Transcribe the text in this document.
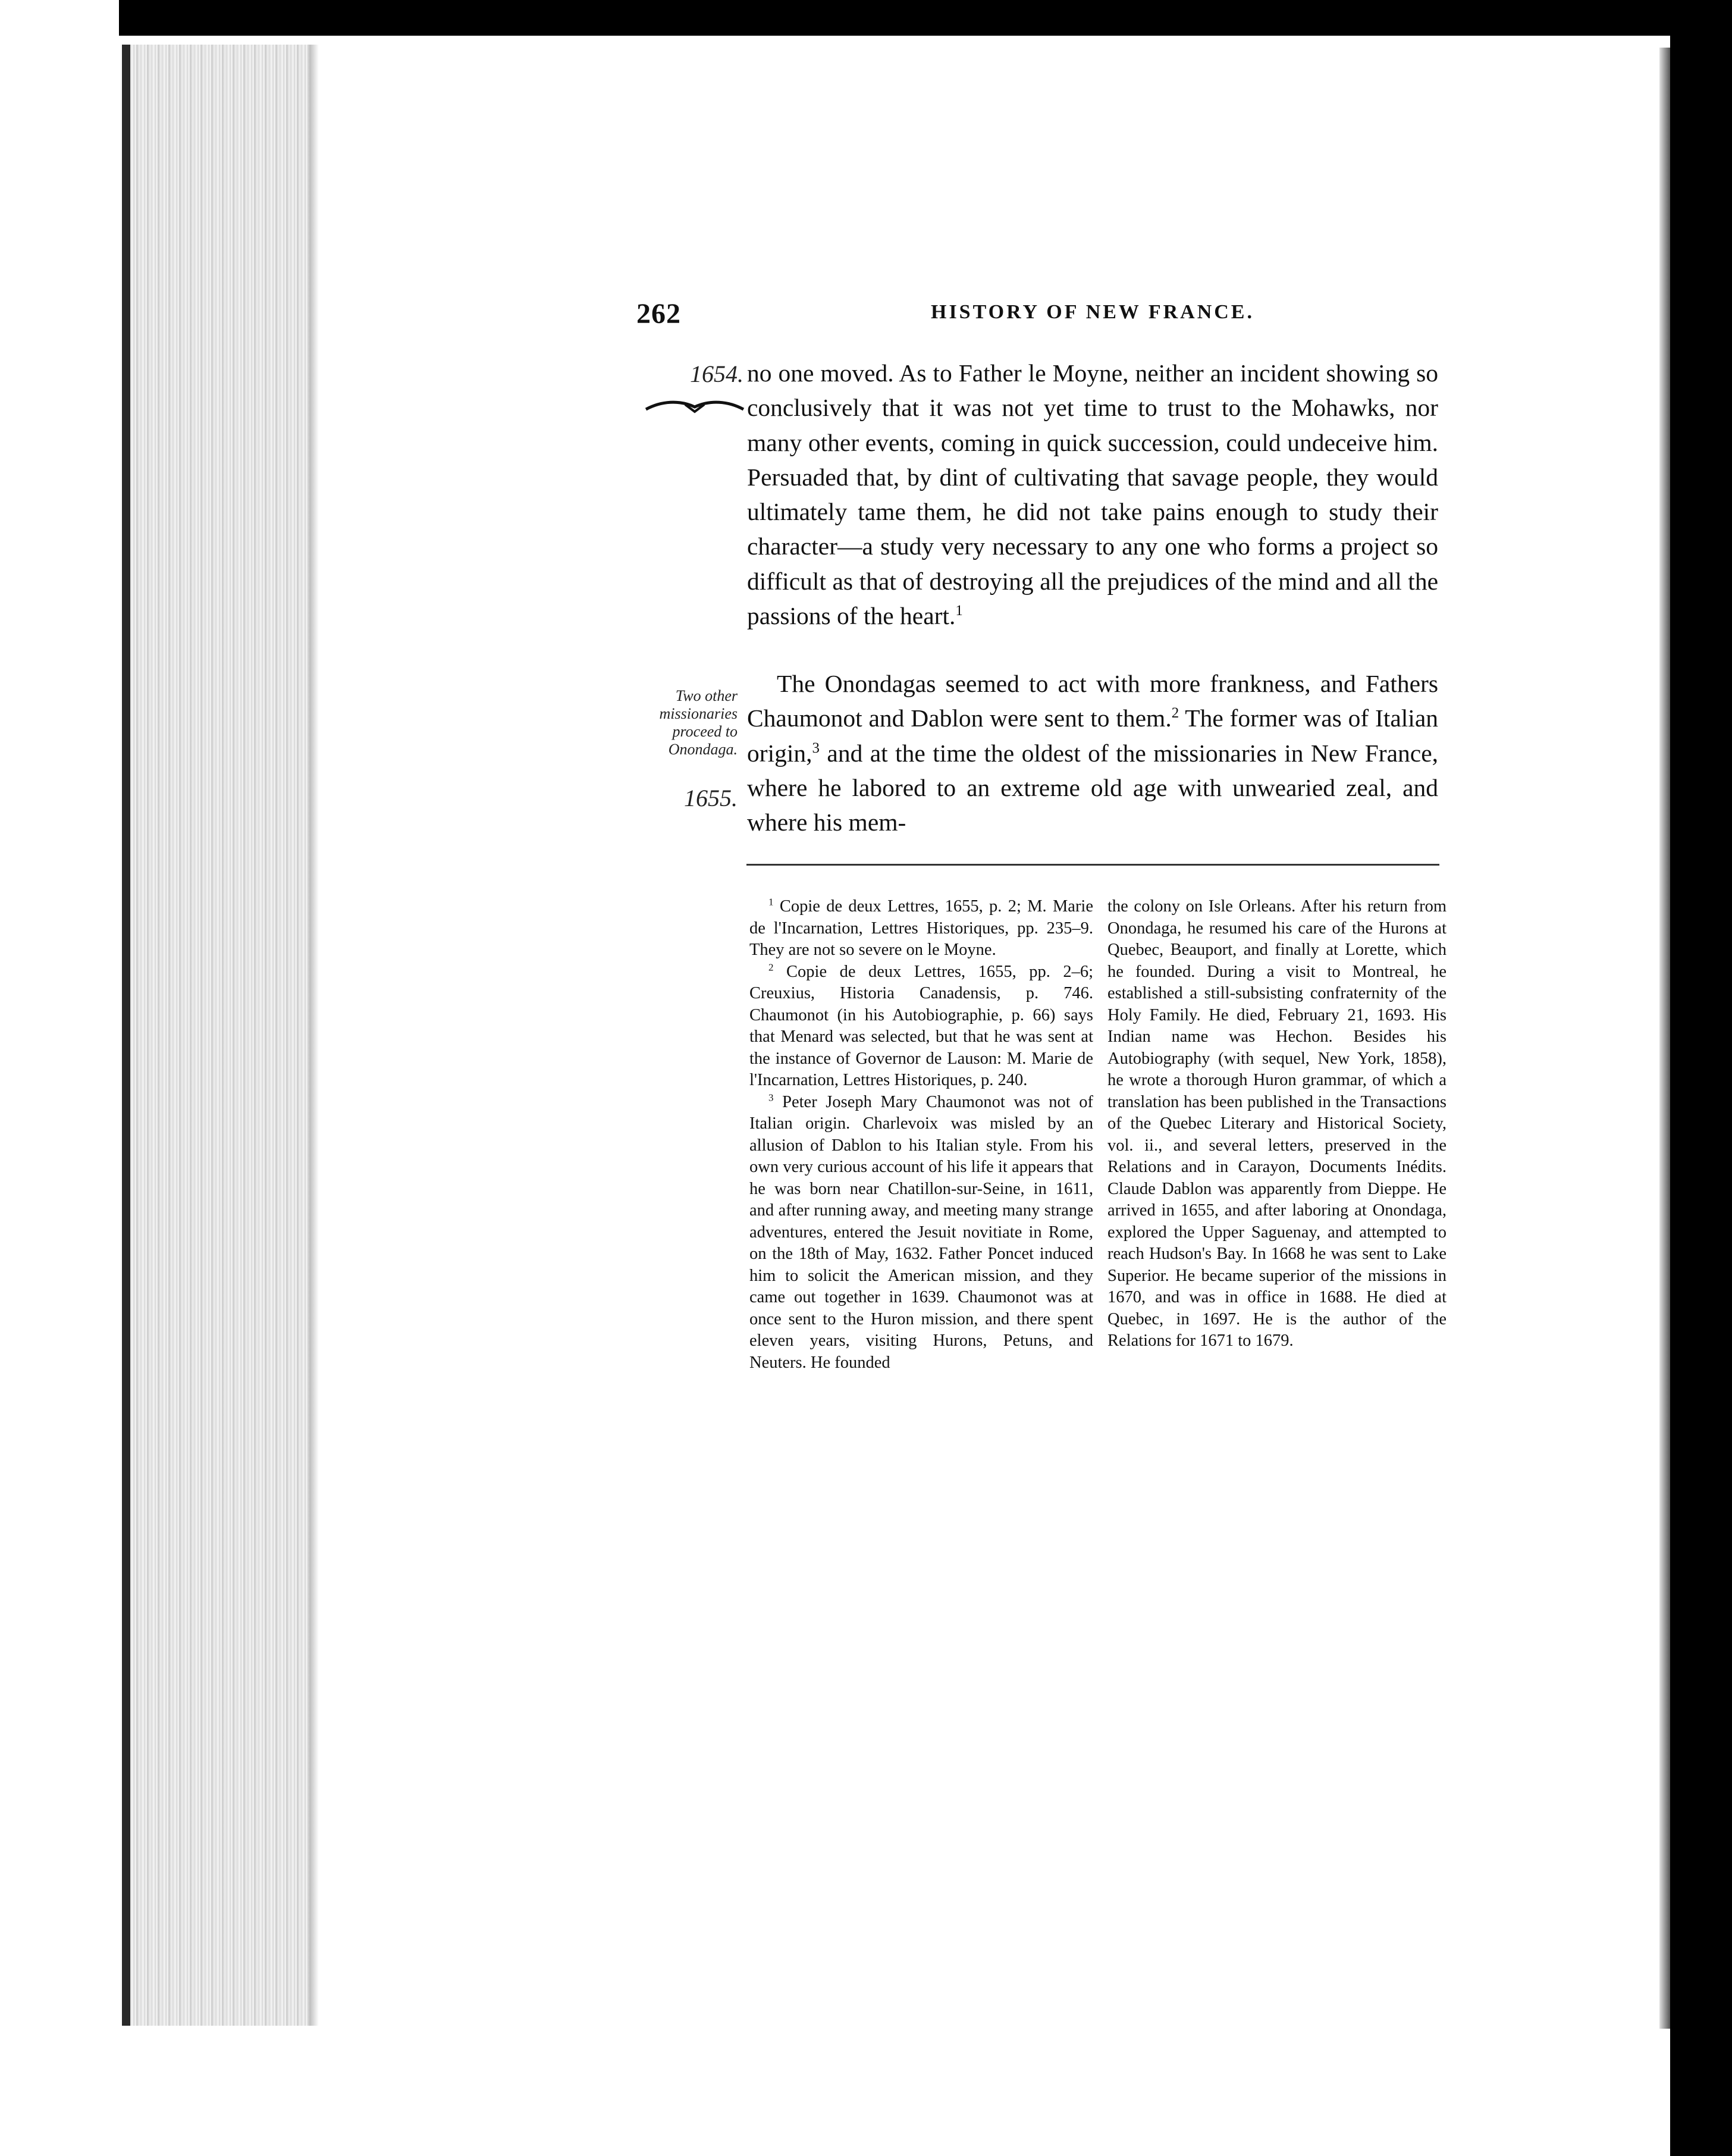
262	HISTORY OF NEW FRANCE.
1654.
Two other missionaries proceed to Onondaga.
1655.

no one moved. As to Father le Moyne, neither an incident showing so conclusively that it was not yet time to trust to the Mohawks, nor many other events, coming in quick succession, could undeceive him. Persuaded that, by dint of cultivating that savage people, they would ultimately tame them, he did not take pains enough to study their character—a study very necessary to any one who forms a project so difficult as that of destroying all the prejudices of the mind and all the passions of the heart.$^1$

The Onondagas seemed to act with more frankness, and Fathers Chaumonot and Dablon were sent to them.$^2$ The former was of Italian origin,$^3$ and at the time the oldest of the missionaries in New France, where he labored to an extreme old age with unwearied zeal, and where his mem-

$^1$ Copie de deux Lettres, 1655, p. 2; M. Marie de l'Incarnation, Lettres Historiques, pp. 235–9. They are not so severe on le Moyne.

$^2$ Copie de deux Lettres, 1655, pp. 2–6; Creuxius, Historia Canadensis, p. 746. Chaumonot (in his Autobiographie, p. 66) says that Menard was selected, but that he was sent at the instance of Governor de Lauson: M. Marie de l'Incarnation, Lettres Historiques, p. 240.

$^3$ Peter Joseph Mary Chaumonot was not of Italian origin. Charlevoix was misled by an allusion of Dablon to his Italian style. From his own very curious account of his life it appears that he was born near Chatillon-sur-Seine, in 1611, and after running away, and meeting many strange adventures, entered the Jesuit novitiate in Rome, on the 18th of May, 1632. Father Poncet induced him to solicit the American mission, and they came out together in 1639. Chaumonot was at once sent to the Huron mission, and there spent eleven years, visiting Hurons, Petuns, and Neuters. He founded

the colony on Isle Orleans. After his return from Onondaga, he resumed his care of the Hurons at Quebec, Beauport, and finally at Lorette, which he founded. During a visit to Montreal, he established a still-subsisting confraternity of the Holy Family. He died, February 21, 1693. His Indian name was Hechon. Besides his Autobiography (with sequel, New York, 1858), he wrote a thorough Huron grammar, of which a translation has been published in the Transactions of the Quebec Literary and Historical Society, vol. ii., and several letters, preserved in the Relations and in Carayon, Documents Inédits. Claude Dablon was apparently from Dieppe. He arrived in 1655, and after laboring at Onondaga, explored the Upper Saguenay, and attempted to reach Hudson's Bay. In 1668 he was sent to Lake Superior. He became superior of the missions in 1670, and was in office in 1688. He died at Quebec, in 1697. He is the author of the Relations for 1671 to 1679.
